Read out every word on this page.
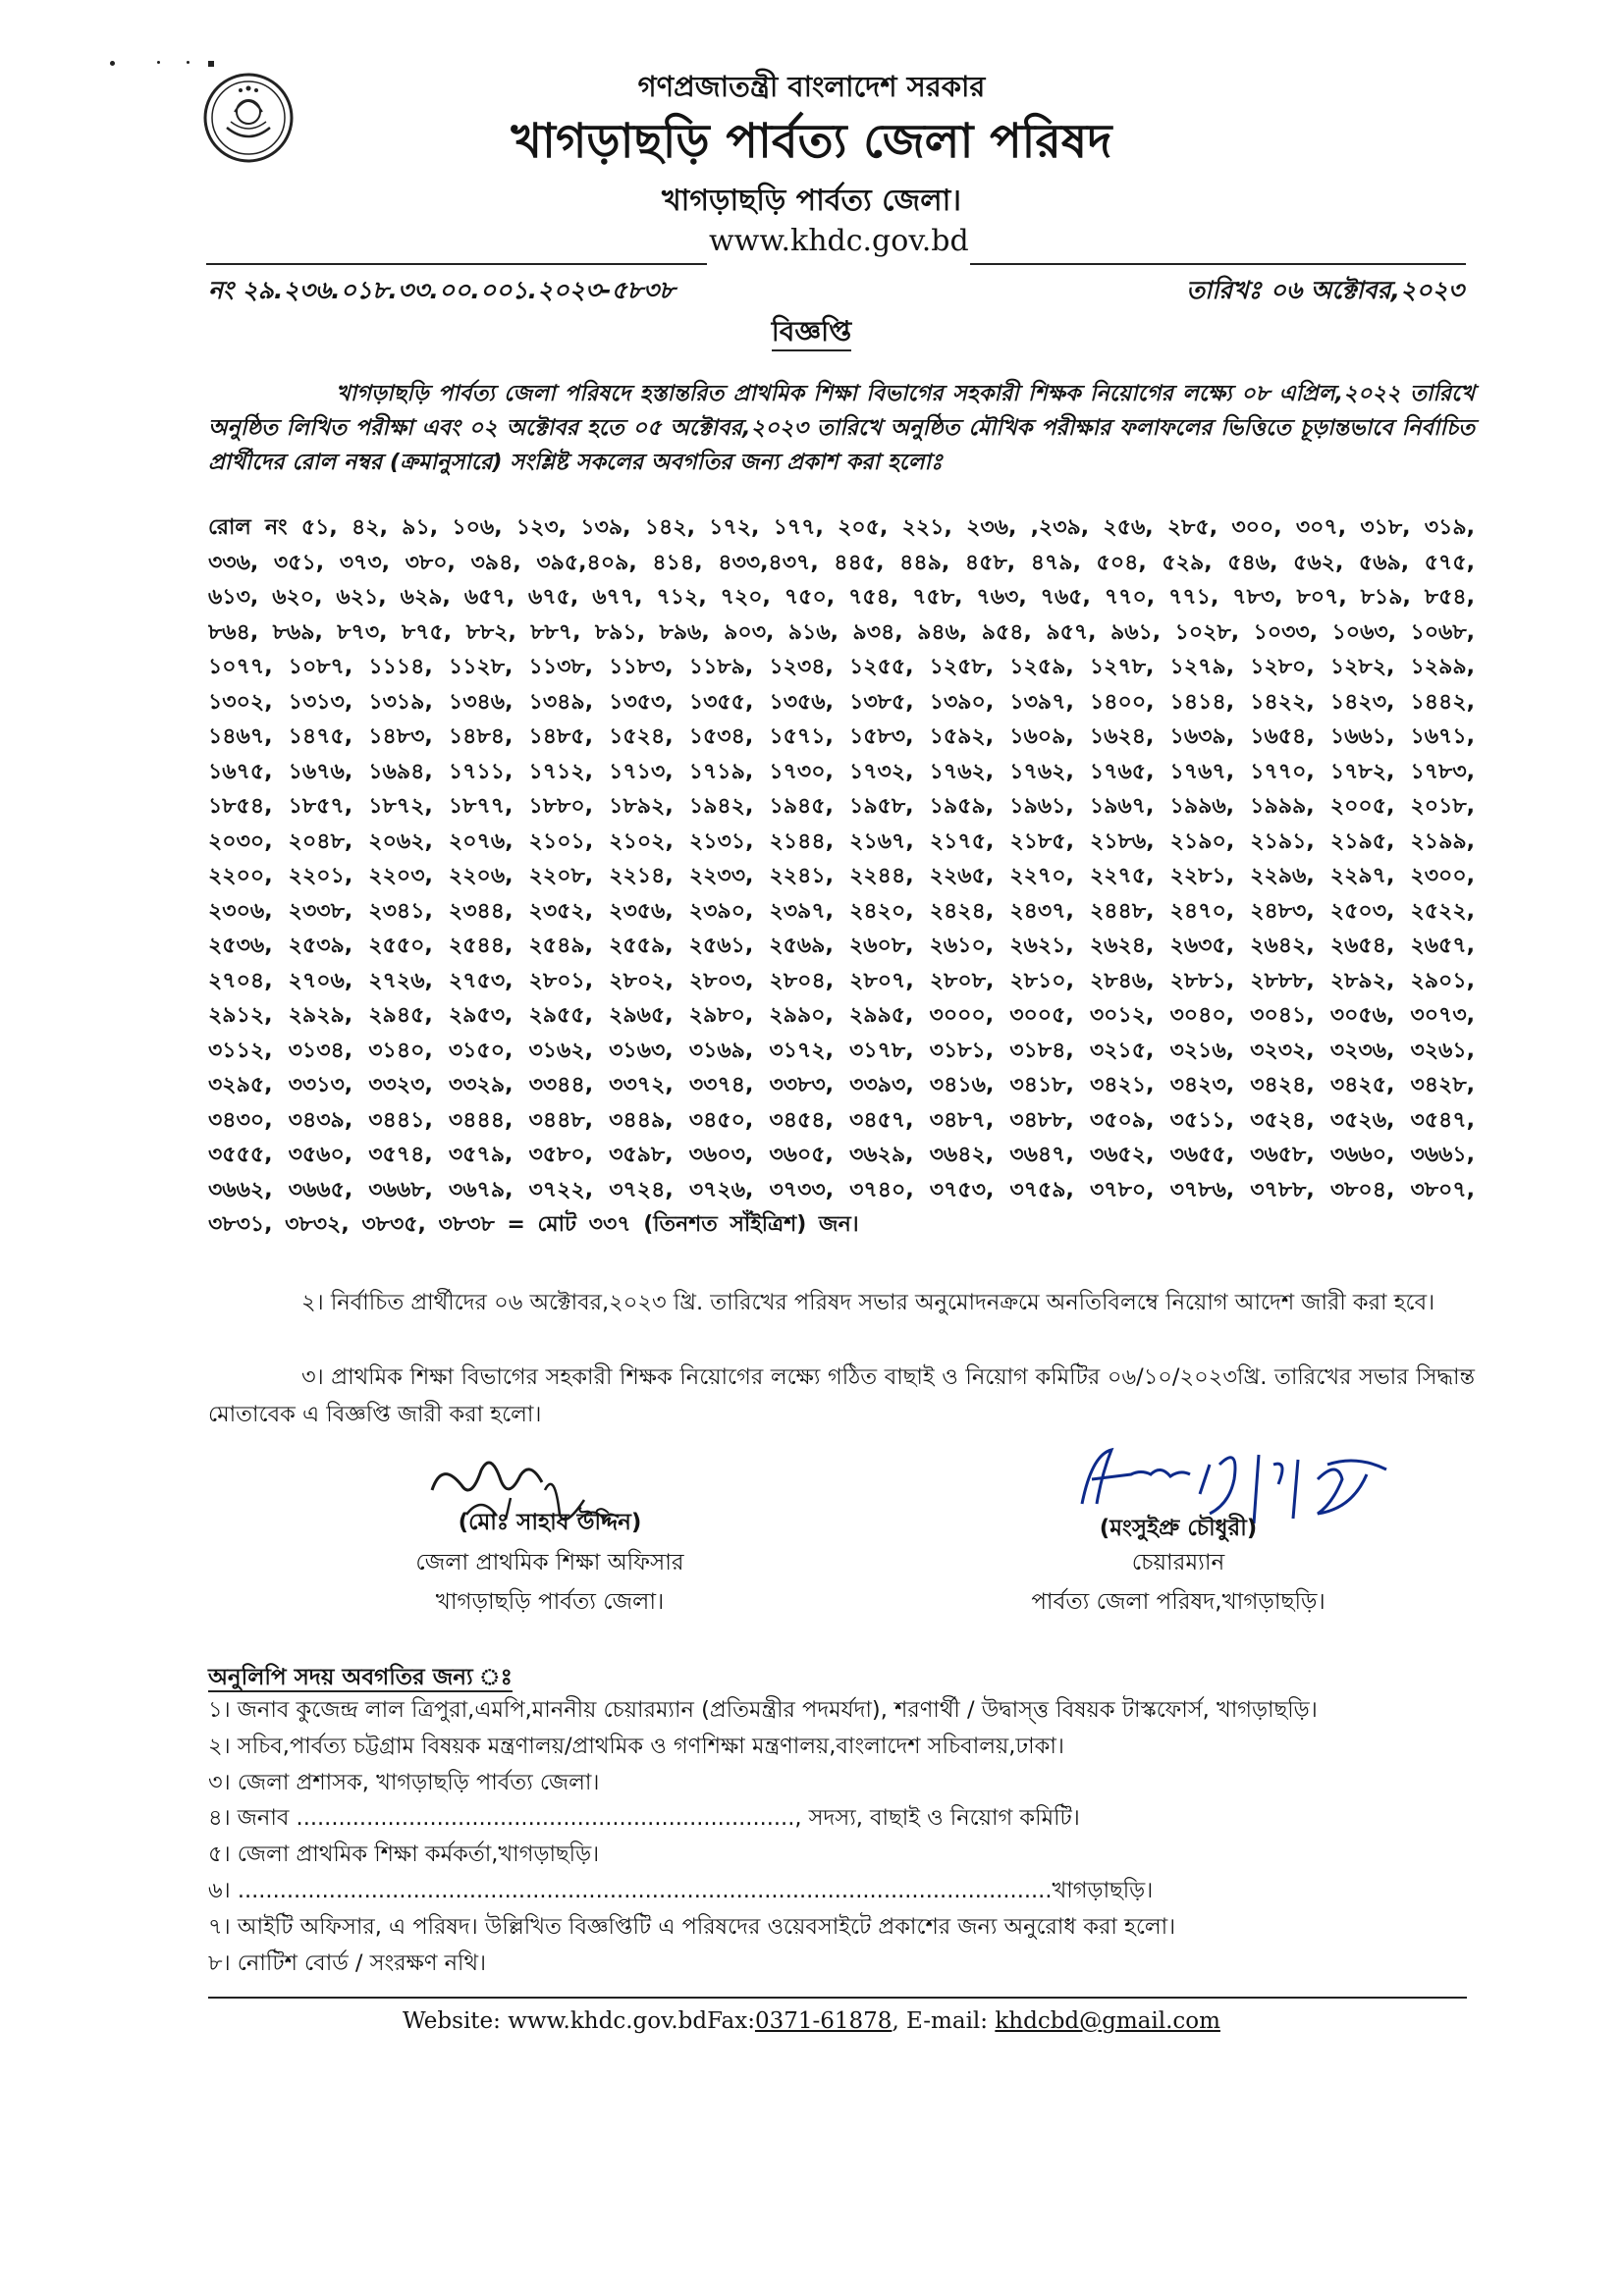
গণপ্রজাতন্ত্রী বাংলাদেশ সরকার
খাগড়াছড়ি পার্বত্য জেলা পরিষদ
খাগড়াছড়ি পার্বত্য জেলা।
www.khdc.gov.bd
নং ২৯.২৩৬.০১৮.৩৩.০০.০০১.২০২৩-৫৮৩৮	তারিখঃ ০৬ অক্টোবর,২০২৩
বিজ্ঞপ্তি
খাগড়াছড়ি পার্বত্য জেলা পরিষদে হস্তান্তরিত প্রাথমিক শিক্ষা বিভাগের সহকারী শিক্ষক নিয়োগের লক্ষ্যে ০৮ এপ্রিল,২০২২ তারিখে অনুষ্ঠিত লিখিত পরীক্ষা এবং ০২ অক্টোবর হতে ০৫ অক্টোবর,২০২৩ তারিখে অনুষ্ঠিত মৌখিক পরীক্ষার ফলাফলের ভিত্তিতে চূড়ান্তভাবে নির্বাচিত প্রার্থীদের রোল নম্বর (ক্রমানুসারে) সংশ্লিষ্ট সকলের অবগতির জন্য প্রকাশ করা হলোঃ
রোল নং ৫১, ৪২, ৯১, ১০৬, ১২৩, ১৩৯, ১৪২, ১৭২, ১৭৭, ২০৫, ২২১, ২৩৬, ,২৩৯, ২৫৬, ২৮৫, ৩০০, ৩০৭, ৩১৮, ৩১৯, ৩৩৬, ৩৫১, ৩৭৩, ৩৮০, ৩৯৪, ৩৯৫,৪০৯, ৪১৪, ৪৩৩,৪৩৭, ৪৪৫, ৪৪৯, ৪৫৮, ৪৭৯, ৫০৪, ৫২৯, ৫৪৬, ৫৬২, ৫৬৯, ৫৭৫, ৬১৩, ৬২০, ৬২১, ৬২৯, ৬৫৭, ৬৭৫, ৬৭৭, ৭১২, ৭২০, ৭৫০, ৭৫৪, ৭৫৮, ৭৬৩, ৭৬৫, ৭৭০, ৭৭১, ৭৮৩, ৮০৭, ৮১৯, ৮৫৪, ৮৬৪, ৮৬৯, ৮৭৩, ৮৭৫, ৮৮২, ৮৮৭, ৮৯১, ৮৯৬, ৯০৩, ৯১৬, ৯৩৪, ৯৪৬, ৯৫৪, ৯৫৭, ৯৬১, ১০২৮, ১০৩৩, ১০৬৩, ১০৬৮, ১০৭৭, ১০৮৭, ১১১৪, ১১২৮, ১১৩৮, ১১৮৩, ১১৮৯, ১২৩৪, ১২৫৫, ১২৫৮, ১২৫৯, ১২৭৮, ১২৭৯, ১২৮০, ১২৮২, ১২৯৯, ১৩০২, ১৩১৩, ১৩১৯, ১৩৪৬, ১৩৪৯, ১৩৫৩, ১৩৫৫, ১৩৫৬, ১৩৮৫, ১৩৯০, ১৩৯৭, ১৪০০, ১৪১৪, ১৪২২, ১৪২৩, ১৪৪২, ১৪৬৭, ১৪৭৫, ১৪৮৩, ১৪৮৪, ১৪৮৫, ১৫২৪, ১৫৩৪, ১৫৭১, ১৫৮৩, ১৫৯২, ১৬০৯, ১৬২৪, ১৬৩৯, ১৬৫৪, ১৬৬১, ১৬৭১, ১৬৭৫, ১৬৭৬, ১৬৯৪, ১৭১১, ১৭১২, ১৭১৩, ১৭১৯, ১৭৩০, ১৭৩২, ১৭৬২, ১৭৬২, ১৭৬৫, ১৭৬৭, ১৭৭০, ১৭৮২, ১৭৮৩, ১৮৫৪, ১৮৫৭, ১৮৭২, ১৮৭৭, ১৮৮০, ১৮৯২, ১৯৪২, ১৯৪৫, ১৯৫৮, ১৯৫৯, ১৯৬১, ১৯৬৭, ১৯৯৬, ১৯৯৯, ২০০৫, ২০১৮, ২০৩০, ২০৪৮, ২০৬২, ২০৭৬, ২১০১, ২১০২, ২১৩১, ২১৪৪, ২১৬৭, ২১৭৫, ২১৮৫, ২১৮৬, ২১৯০, ২১৯১, ২১৯৫, ২১৯৯, ২২০০, ২২০১, ২২০৩, ২২০৬, ২২০৮, ২২১৪, ২২৩৩, ২২৪১, ২২৪৪, ২২৬৫, ২২৭০, ২২৭৫, ২২৮১, ২২৯৬, ২২৯৭, ২৩০০, ২৩০৬, ২৩৩৮, ২৩৪১, ২৩৪৪, ২৩৫২, ২৩৫৬, ২৩৯০, ২৩৯৭, ২৪২০, ২৪২৪, ২৪৩৭, ২৪৪৮, ২৪৭০, ২৪৮৩, ২৫০৩, ২৫২২, ২৫৩৬, ২৫৩৯, ২৫৫০, ২৫৪৪, ২৫৪৯, ২৫৫৯, ২৫৬১, ২৫৬৯, ২৬০৮, ২৬১০, ২৬২১, ২৬২৪, ২৬৩৫, ২৬৪২, ২৬৫৪, ২৬৫৭, ২৭০৪, ২৭০৬, ২৭২৬, ২৭৫৩, ২৮০১, ২৮০২, ২৮০৩, ২৮০৪, ২৮০৭, ২৮০৮, ২৮১০, ২৮৪৬, ২৮৮১, ২৮৮৮, ২৮৯২, ২৯০১, ২৯১২, ২৯২৯, ২৯৪৫, ২৯৫৩, ২৯৫৫, ২৯৬৫, ২৯৮০, ২৯৯০, ২৯৯৫, ৩০০০, ৩০০৫, ৩০১২, ৩০৪০, ৩০৪১, ৩০৫৬, ৩০৭৩, ৩১১২, ৩১৩৪, ৩১৪০, ৩১৫০, ৩১৬২, ৩১৬৩, ৩১৬৯, ৩১৭২, ৩১৭৮, ৩১৮১, ৩১৮৪, ৩২১৫, ৩২১৬, ৩২৩২, ৩২৩৬, ৩২৬১, ৩২৯৫, ৩৩১৩, ৩৩২৩, ৩৩২৯, ৩৩৪৪, ৩৩৭২, ৩৩৭৪, ৩৩৮৩, ৩৩৯৩, ৩৪১৬, ৩৪১৮, ৩৪২১, ৩৪২৩, ৩৪২৪, ৩৪২৫, ৩৪২৮, ৩৪৩০, ৩৪৩৯, ৩৪৪১, ৩৪৪৪, ৩৪৪৮, ৩৪৪৯, ৩৪৫০, ৩৪৫৪, ৩৪৫৭, ৩৪৮৭, ৩৪৮৮, ৩৫০৯, ৩৫১১, ৩৫২৪, ৩৫২৬, ৩৫৪৭, ৩৫৫৫, ৩৫৬০, ৩৫৭৪, ৩৫৭৯, ৩৫৮০, ৩৫৯৮, ৩৬০৩, ৩৬০৫, ৩৬২৯, ৩৬৪২, ৩৬৪৭, ৩৬৫২, ৩৬৫৫, ৩৬৫৮, ৩৬৬০, ৩৬৬১, ৩৬৬২, ৩৬৬৫, ৩৬৬৮, ৩৬৭৯, ৩৭২২, ৩৭২৪, ৩৭২৬, ৩৭৩৩, ৩৭৪০, ৩৭৫৩, ৩৭৫৯, ৩৭৮০, ৩৭৮৬, ৩৭৮৮, ৩৮০৪, ৩৮০৭, ৩৮৩১, ৩৮৩২, ৩৮৩৫, ৩৮৩৮ = মোট ৩৩৭ (তিনশত সাঁইত্রিশ) জন।
২। নির্বাচিত প্রার্থীদের ০৬ অক্টোবর,২০২৩ খ্রি. তারিখের পরিষদ সভার অনুমোদনক্রমে অনতিবিলম্বে নিয়োগ আদেশ জারী করা হবে।
৩। প্রাথমিক শিক্ষা বিভাগের সহকারী শিক্ষক নিয়োগের লক্ষ্যে গঠিত বাছাই ও নিয়োগ কমিটির ০৬/১০/২০২৩খ্রি. তারিখের সভার সিদ্ধান্ত মোতাবেক এ বিজ্ঞপ্তি জারী করা হলো।
(মোঃ সাহাব উদ্দিন)	(মংসুইপ্রু চৌধুরী)
জেলা প্রাথমিক শিক্ষা অফিসার
খাগড়াছড়ি পার্বত্য জেলা।
চেয়ারম্যান
পার্বত্য জেলা পরিষদ,খাগড়াছড়ি।
অনুলিপি সদয় অবগতির জন্য ঃ
১। জনাব কুজেন্দ্র লাল ত্রিপুরা,এমপি,মাননীয় চেয়ারম্যান (প্রতিমন্ত্রীর পদমর্যদা), শরণার্থী / উদ্বাস্ত্ত বিষয়ক টাস্কফোর্স, খাগড়াছড়ি।
২। সচিব,পার্বত্য চট্টগ্রাম বিষয়ক মন্ত্রণালয়/প্রাথমিক ও গণশিক্ষা মন্ত্রণালয়,বাংলাদেশ সচিবালয়,ঢাকা।
৩। জেলা প্রশাসক, খাগড়াছড়ি পার্বত্য জেলা।
৪। জনাব ......................................................................., সদস্য, বাছাই ও নিয়োগ কমিটি।
৫। জেলা প্রাথমিক শিক্ষা কর্মকর্তা,খাগড়াছড়ি।
৬। ....................................................................................................................খাগড়াছড়ি।
৭। আইটি অফিসার, এ পরিষদ। উল্লিখিত বিজ্ঞপ্তিটি এ পরিষদের ওয়েবসাইটে প্রকাশের জন্য অনুরোধ করা হলো।
৮। নোটিশ বোর্ড / সংরক্ষণ নথি।
Website: www.khdc.gov.bdFax:0371-61878, E-mail: khdcbd@gmail.com
